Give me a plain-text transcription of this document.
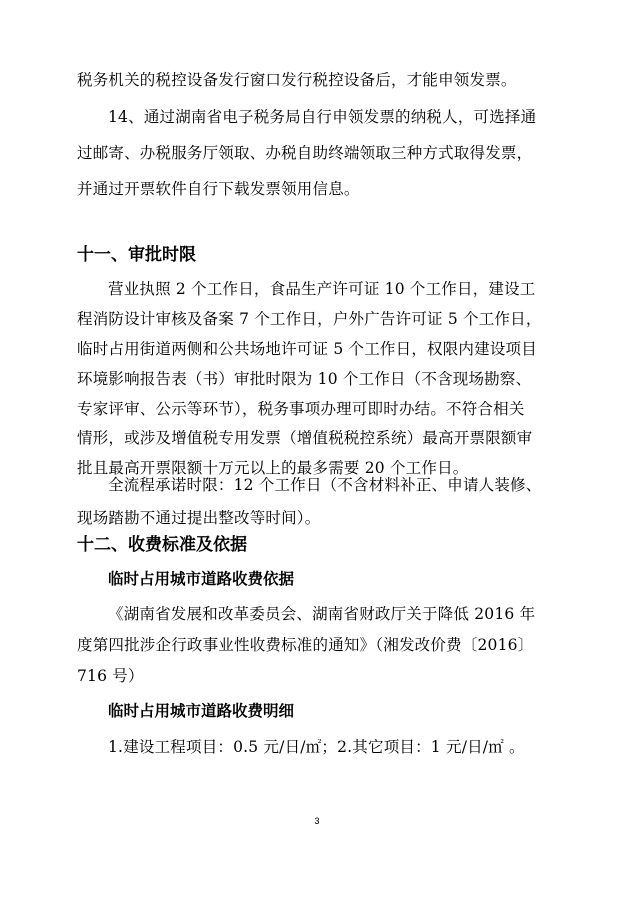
税务机关的税控设备发行窗口发行税控设备后，才能申领发票。
14、通过湖南省电子税务局自行申领发票的纳税人，可选择通
过邮寄、办税服务厅领取、办税自助终端领取三种方式取得发票，
并通过开票软件自行下载发票领用信息。
十一、审批时限
营业执照 2 个工作日，食品生产许可证 10 个工作日，建设工
程消防设计审核及备案 7 个工作日，户外广告许可证 5 个工作日，
临时占用街道两侧和公共场地许可证 5 个工作日，权限内建设项目
环境影响报告表（书）审批时限为 10 个工作日（不含现场勘察、
专家评审、公示等环节），税务事项办理可即时办结。不符合相关
情形，或涉及增值税专用发票（增值税税控系统）最高开票限额审
批且最高开票限额十万元以上的最多需要 20 个工作日。
全流程承诺时限：12 个工作日（不含材料补正、申请人装修、
现场踏勘不通过提出整改等时间）。
十二、收费标准及依据
临时占用城市道路收费依据
《湖南省发展和改革委员会、湖南省财政厅关于降低 2016 年
度第四批涉企行政事业性收费标准的通知》（湘发改价费〔2016〕
716 号）
临时占用城市道路收费明细
1.建设工程项目：0.5 元/日/㎡；2.其它项目：1 元/日/㎡ 。
3
